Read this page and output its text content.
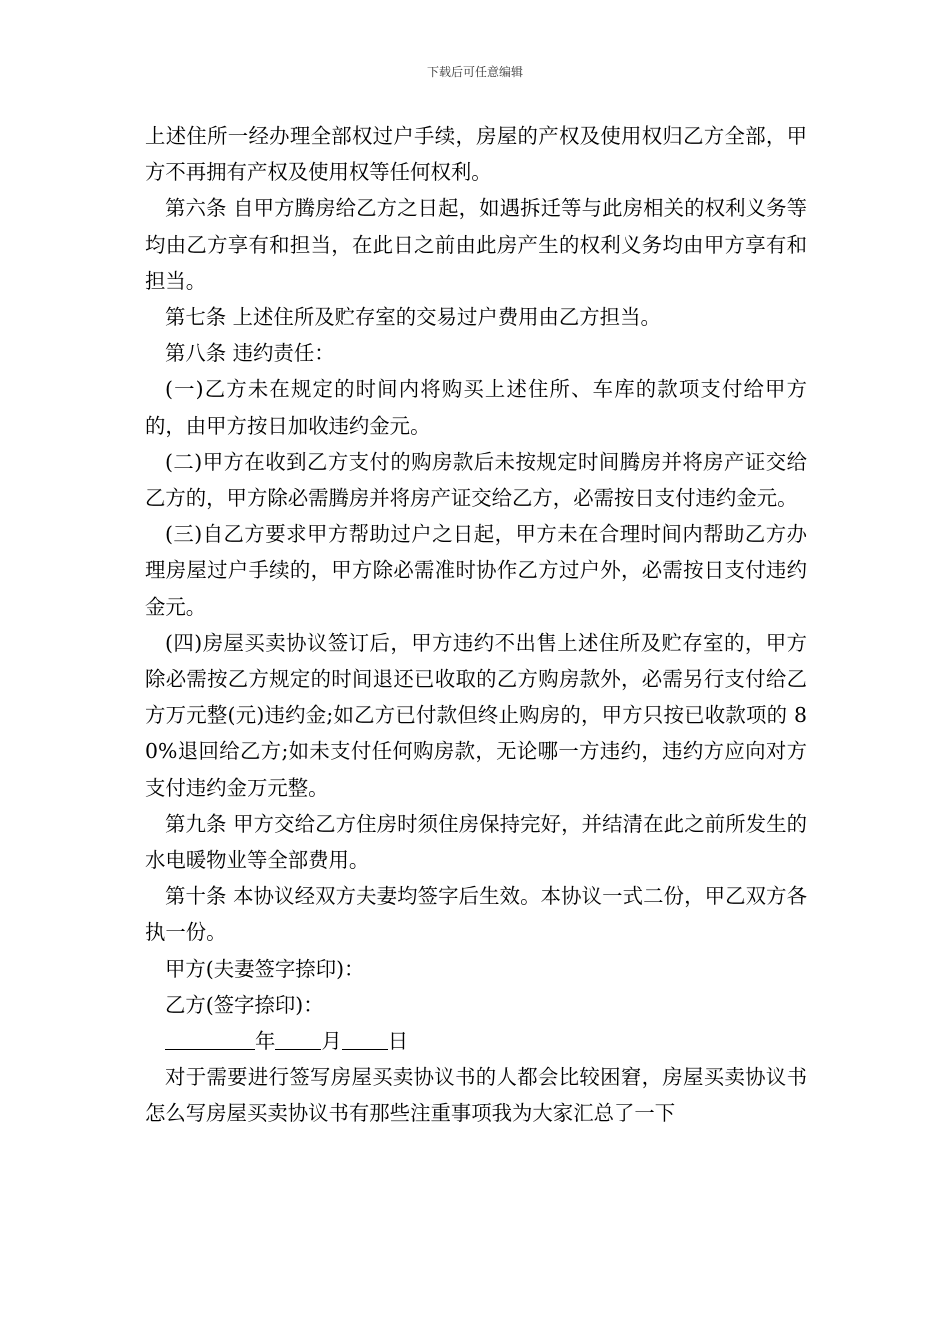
下载后可任意编辑

上述住所一经办理全部权过户手续，房屋的产权及使用权归乙方全部，甲方不再拥有产权及使用权等任何权利。

第六条 自甲方腾房给乙方之日起，如遇拆迁等与此房相关的权利义务等均由乙方享有和担当，在此日之前由此房产生的权利义务均由甲方享有和担当。

第七条 上述住所及贮存室的交易过户费用由乙方担当。

第八条 违约责任：

(一)乙方未在规定的时间内将购买上述住所、车库的款项支付给甲方的，由甲方按日加收违约金元。

(二)甲方在收到乙方支付的购房款后未按规定时间腾房并将房产证交给乙方的，甲方除必需腾房并将房产证交给乙方，必需按日支付违约金元。

(三)自乙方要求甲方帮助过户之日起，甲方未在合理时间内帮助乙方办理房屋过户手续的，甲方除必需准时协作乙方过户外，必需按日支付违约金元。

(四)房屋买卖协议签订后，甲方违约不出售上述住所及贮存室的，甲方除必需按乙方规定的时间退还已收取的乙方购房款外，必需另行支付给乙方万元整(元)违约金;如乙方已付款但终止购房的，甲方只按已收款项的 80%退回给乙方;如未支付任何购房款，无论哪一方违约，违约方应向对方支付违约金万元整。

第九条 甲方交给乙方住房时须住房保持完好，并结清在此之前所发生的水电暖物业等全部费用。

第十条 本协议经双方夫妻均签字后生效。本协议一式二份，甲乙双方各执一份。

甲方(夫妻签字捺印)：

乙方(签字捺印)：

年 月 日

对于需要进行签写房屋买卖协议书的人都会比较困窘，房屋买卖协议书怎么写房屋买卖协议书有那些注重事项我为大家汇总了一下
